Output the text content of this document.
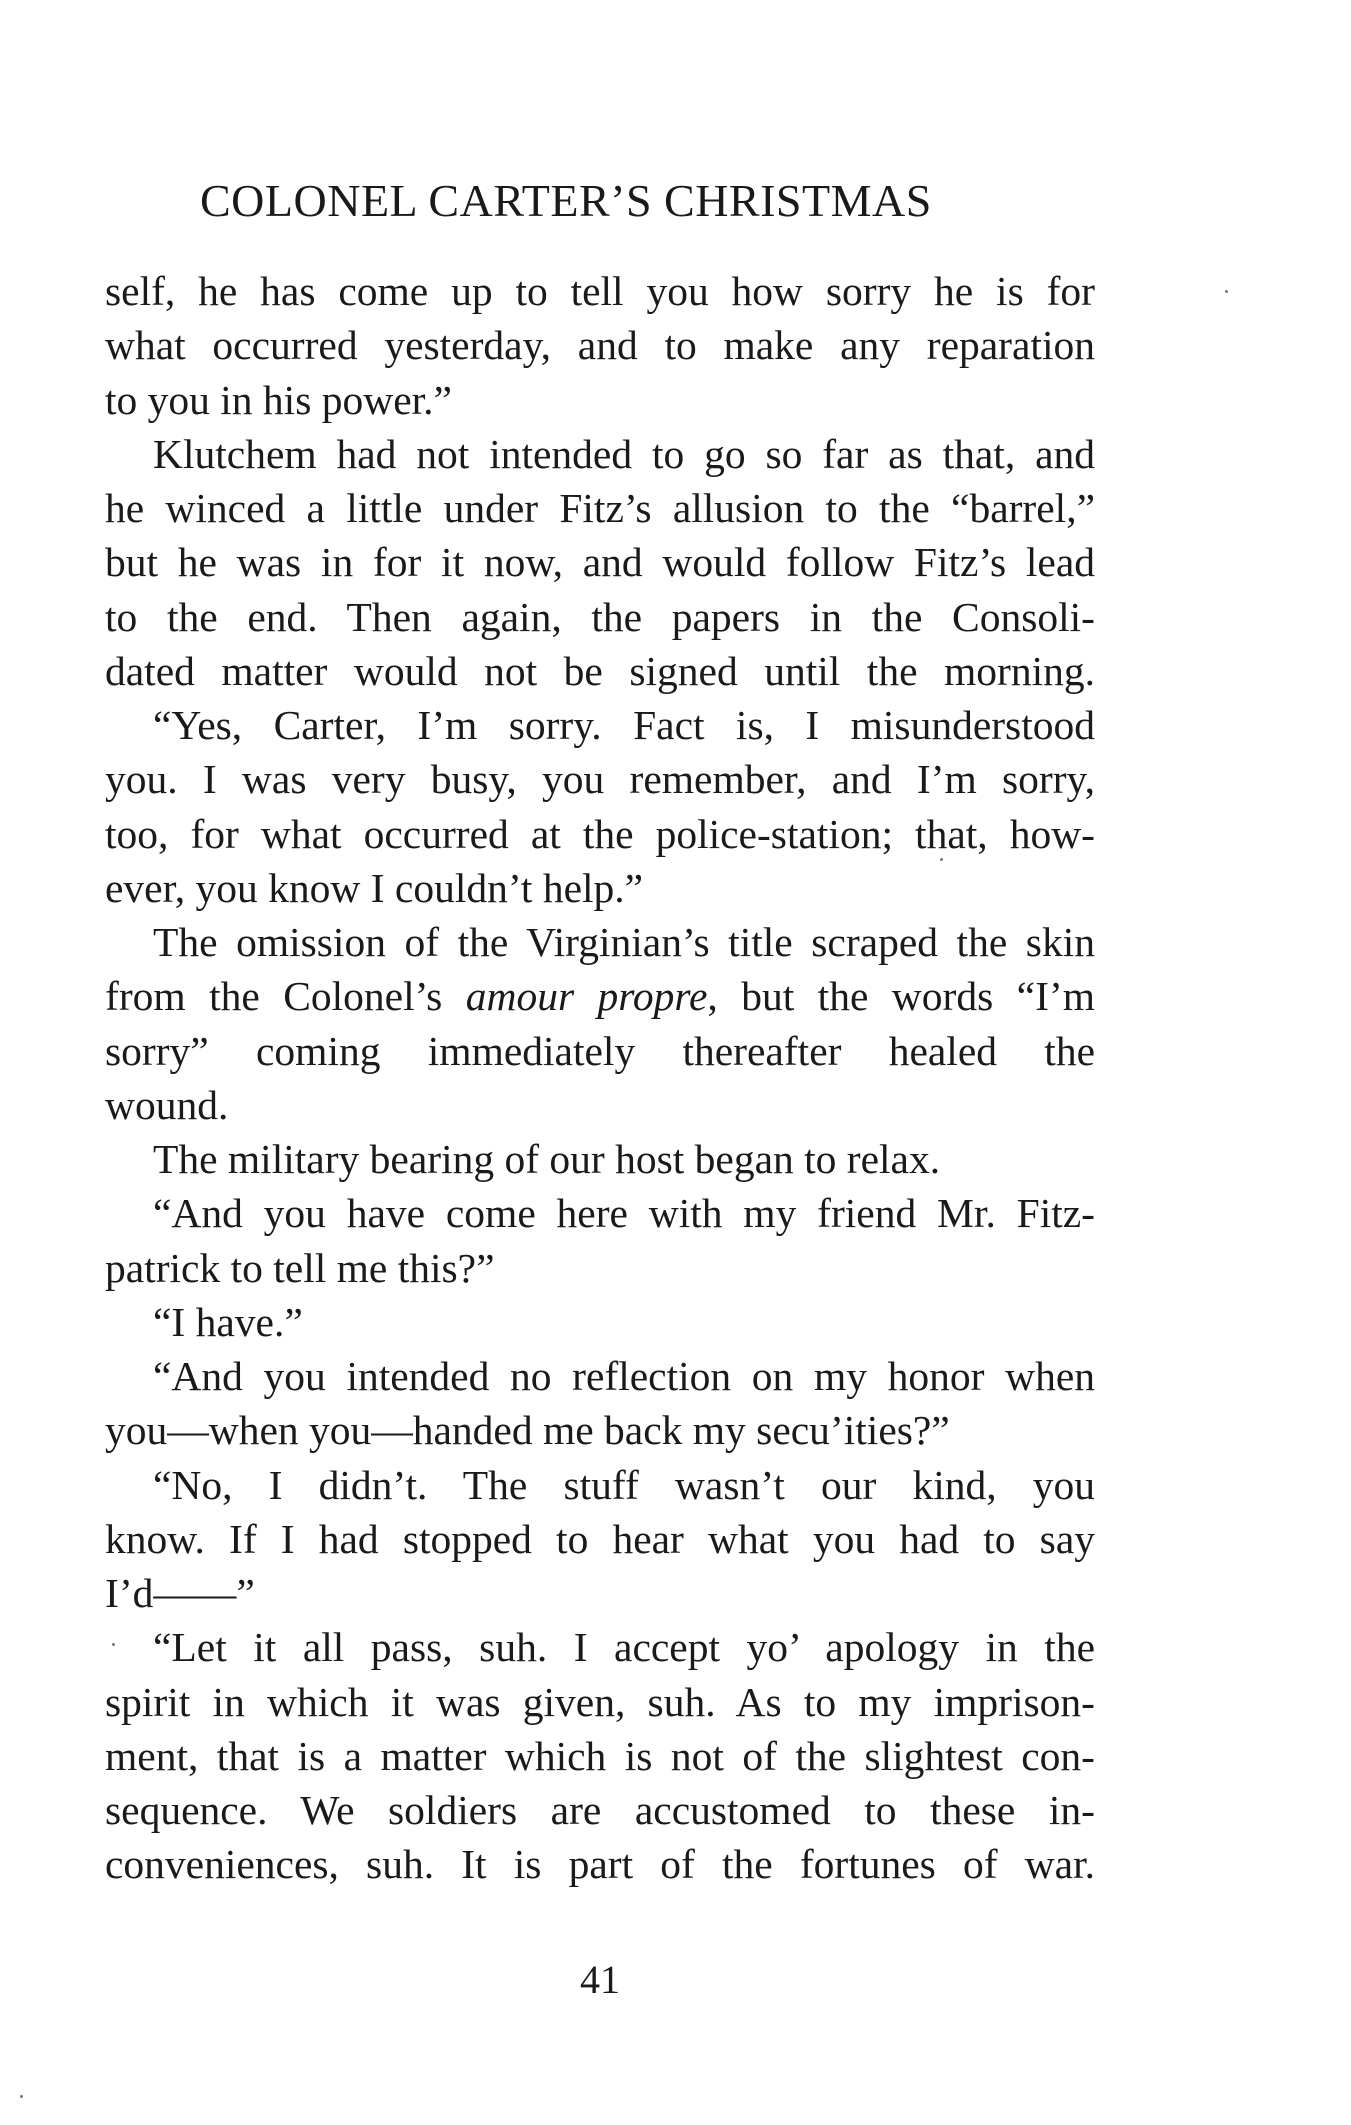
COLONEL CARTER’S CHRISTMAS
self, he has come up to tell you how sorry he is for
what occurred yesterday, and to make any reparation
to you in his power.”
Klutchem had not intended to go so far as that, and
he winced a little under Fitz’s allusion to the “barrel,”
but he was in for it now, and would follow Fitz’s lead
to the end. Then again, the papers in the Consoli-
dated matter would not be signed until the morning.
“Yes, Carter, I’m sorry. Fact is, I misunderstood
you. I was very busy, you remember, and I’m sorry,
too, for what occurred at the police-station; that, how-
ever, you know I couldn’t help.”
The omission of the Virginian’s title scraped the skin
from the Colonel’s amour propre, but the words “I’m
sorry” coming immediately thereafter healed the
wound.
The military bearing of our host began to relax.
“And you have come here with my friend Mr. Fitz-
patrick to tell me this?”
“I have.”
“And you intended no reflection on my honor when
you—when you—handed me back my secu’ities?”
“No, I didn’t. The stuff wasn’t our kind, you
know. If I had stopped to hear what you had to say
I’d——”
“Let it all pass, suh. I accept yo’ apology in the
spirit in which it was given, suh. As to my imprison-
ment, that is a matter which is not of the slightest con-
sequence. We soldiers are accustomed to these in-
conveniences, suh. It is part of the fortunes of war.
41
